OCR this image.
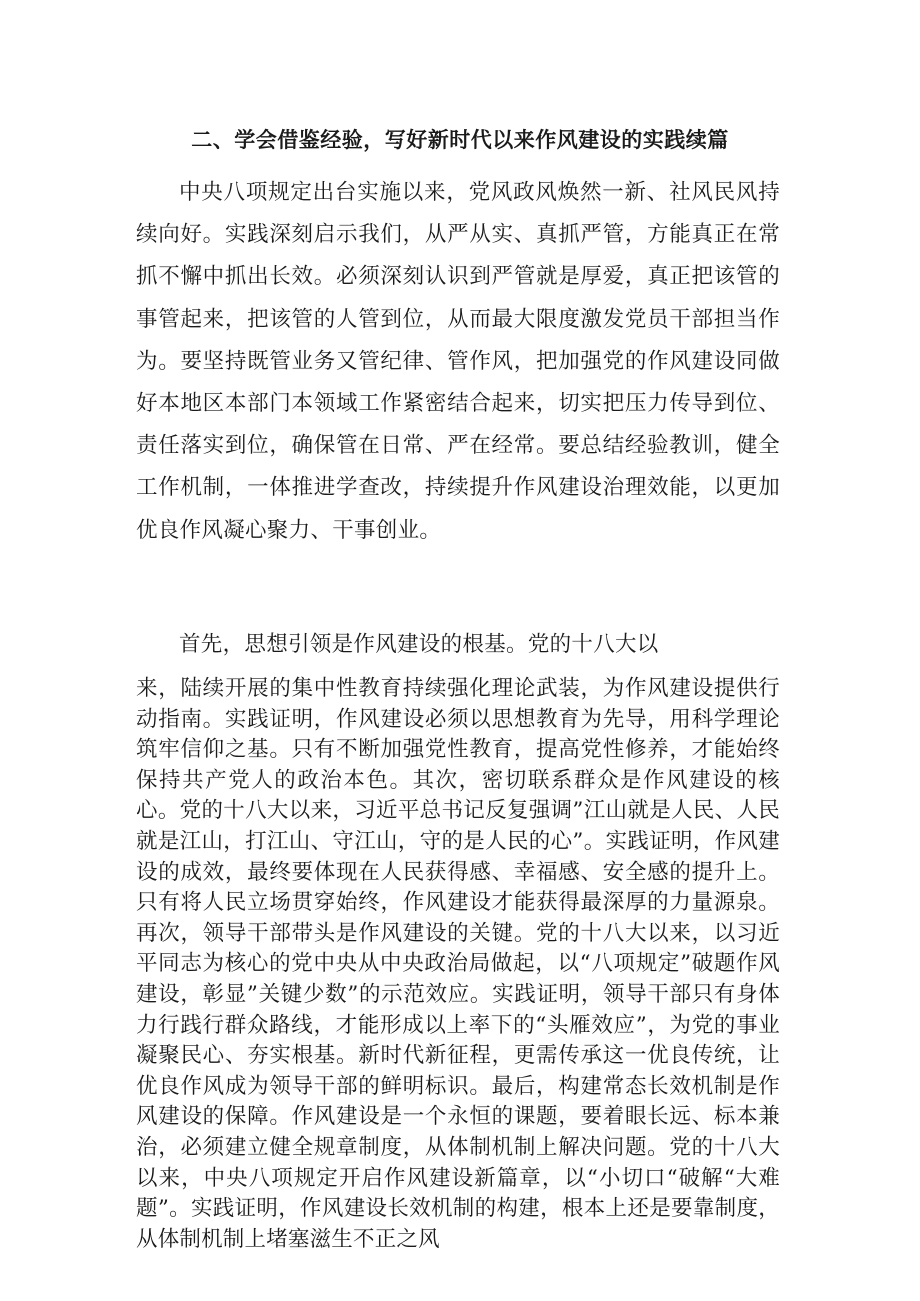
二、学会借鉴经验，写好新时代以来作风建设的实践续篇

中央八项规定出台实施以来，党风政风焕然一新、社风民风持续向好。实践深刻启示我们，从严从实、真抓严管，方能真正在常抓不懈中抓出长效。必须深刻认识到严管就是厚爱，真正把该管的事管起来，把该管的人管到位，从而最大限度激发党员干部担当作为。要坚持既管业务又管纪律、管作风，把加强党的作风建设同做好本地区本部门本领域工作紧密结合起来，切实把压力传导到位、责任落实到位，确保管在日常、严在经常。要总结经验教训，健全工作机制，一体推进学查改，持续提升作风建设治理效能，以更加优良作风凝心聚力、干事创业。

首先，思想引领是作风建设的根基。党的十八大以

来，陆续开展的集中性教育持续强化理论武装，为作风建设提供行动指南。实践证明，作风建设必须以思想教育为先导，用科学理论筑牢信仰之基。只有不断加强党性教育，提高党性修养，才能始终保持共产党人的政治本色。其次，密切联系群众是作风建设的核心。党的十八大以来，习近平总书记反复强调”江山就是人民、人民就是江山，打江山、守江山，守的是人民的心”。实践证明，作风建设的成效，最终要体现在人民获得感、幸福感、安全感的提升上。只有将人民立场贯穿始终，作风建设才能获得最深厚的力量源泉。再次，领导干部带头是作风建设的关键。党的十八大以来，以习近平同志为核心的党中央从中央政治局做起，以“八项规定”破题作风建设，彰显”关键少数”的示范效应。实践证明，领导干部只有身体力行践行群众路线，才能形成以上率下的“头雁效应”，为党的事业凝聚民心、夯实根基。新时代新征程，更需传承这一优良传统，让优良作风成为领导干部的鲜明标识。最后，构建常态长效机制是作风建设的保障。作风建设是一个永恒的课题，要着眼长远、标本兼治，必须建立健全规章制度，从体制机制上解决问题。党的十八大以来，中央八项规定开启作风建设新篇章，以“小切口“破解“大难题”。实践证明，作风建设长效机制的构建，根本上还是要靠制度，从体制机制上堵塞滋生不正之风
